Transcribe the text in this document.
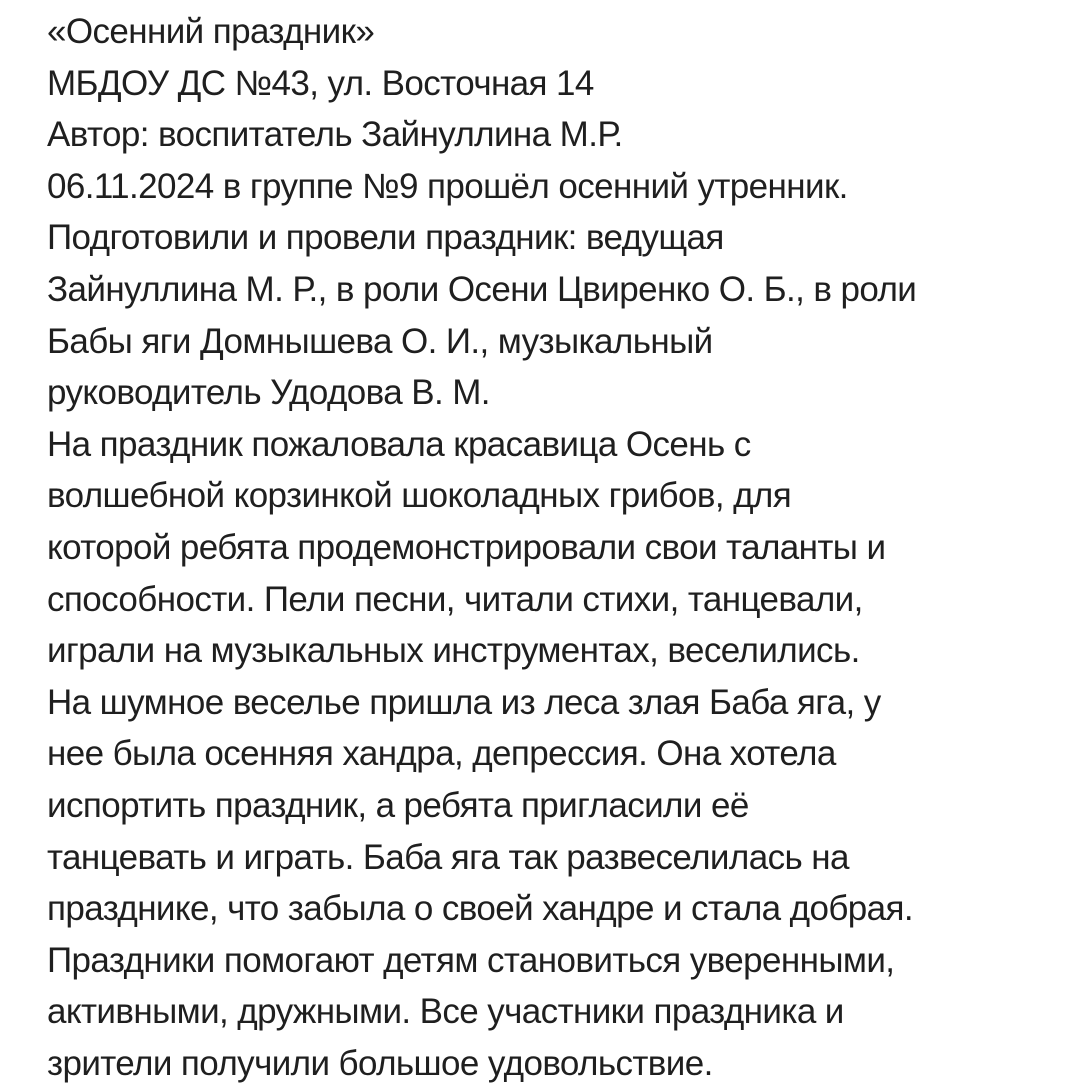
«Осенний праздник»
МБДОУ ДС №43, ул. Восточная 14
Автор: воспитатель Зайнуллина М.Р.
06.11.2024 в группе №9 прошёл осенний утренник.
Подготовили и провели праздник: ведущая
Зайнуллина М. Р., в роли Осени Цвиренко О. Б., в роли
Бабы яги Домнышева О. И., музыкальный
руководитель Удодова В. М.
На праздник пожаловала красавица Осень с
волшебной корзинкой шоколадных грибов, для
которой ребята продемонстрировали свои таланты и
способности. Пели песни, читали стихи, танцевали,
играли на музыкальных инструментах, веселились.
На шумное веселье пришла из леса злая Баба яга, у
нее была осенняя хандра, депрессия. Она хотела
испортить праздник, а ребята пригласили её
танцевать и играть. Баба яга так развеселилась на
празднике, что забыла о своей хандре и стала добрая.
Праздники помогают детям становиться уверенными,
активными, дружными. Все участники праздника и
зрители получили большое удовольствие.
